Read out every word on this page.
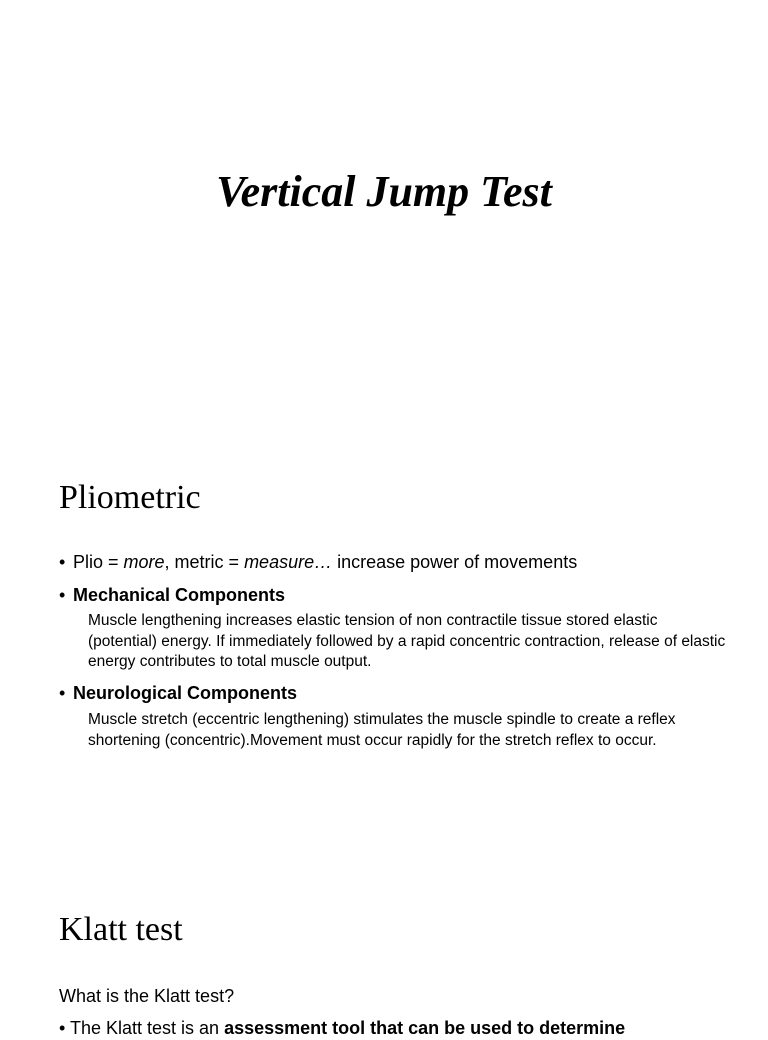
Vertical Jump Test
Pliometric
• Plio = more, metric = measure… increase power of movements
• Mechanical Components
Muscle lengthening increases elastic tension of non contractile tissue stored elastic (potential) energy. If immediately followed by a rapid concentric contraction, release of elastic energy contributes to total muscle output.
• Neurological Components
Muscle stretch (eccentric lengthening) stimulates the muscle spindle to create a reflex shortening (concentric).Movement must occur rapidly for the stretch reflex to occur.
Klatt test
What is the Klatt test?
• The Klatt test is an assessment tool that can be used to determine
